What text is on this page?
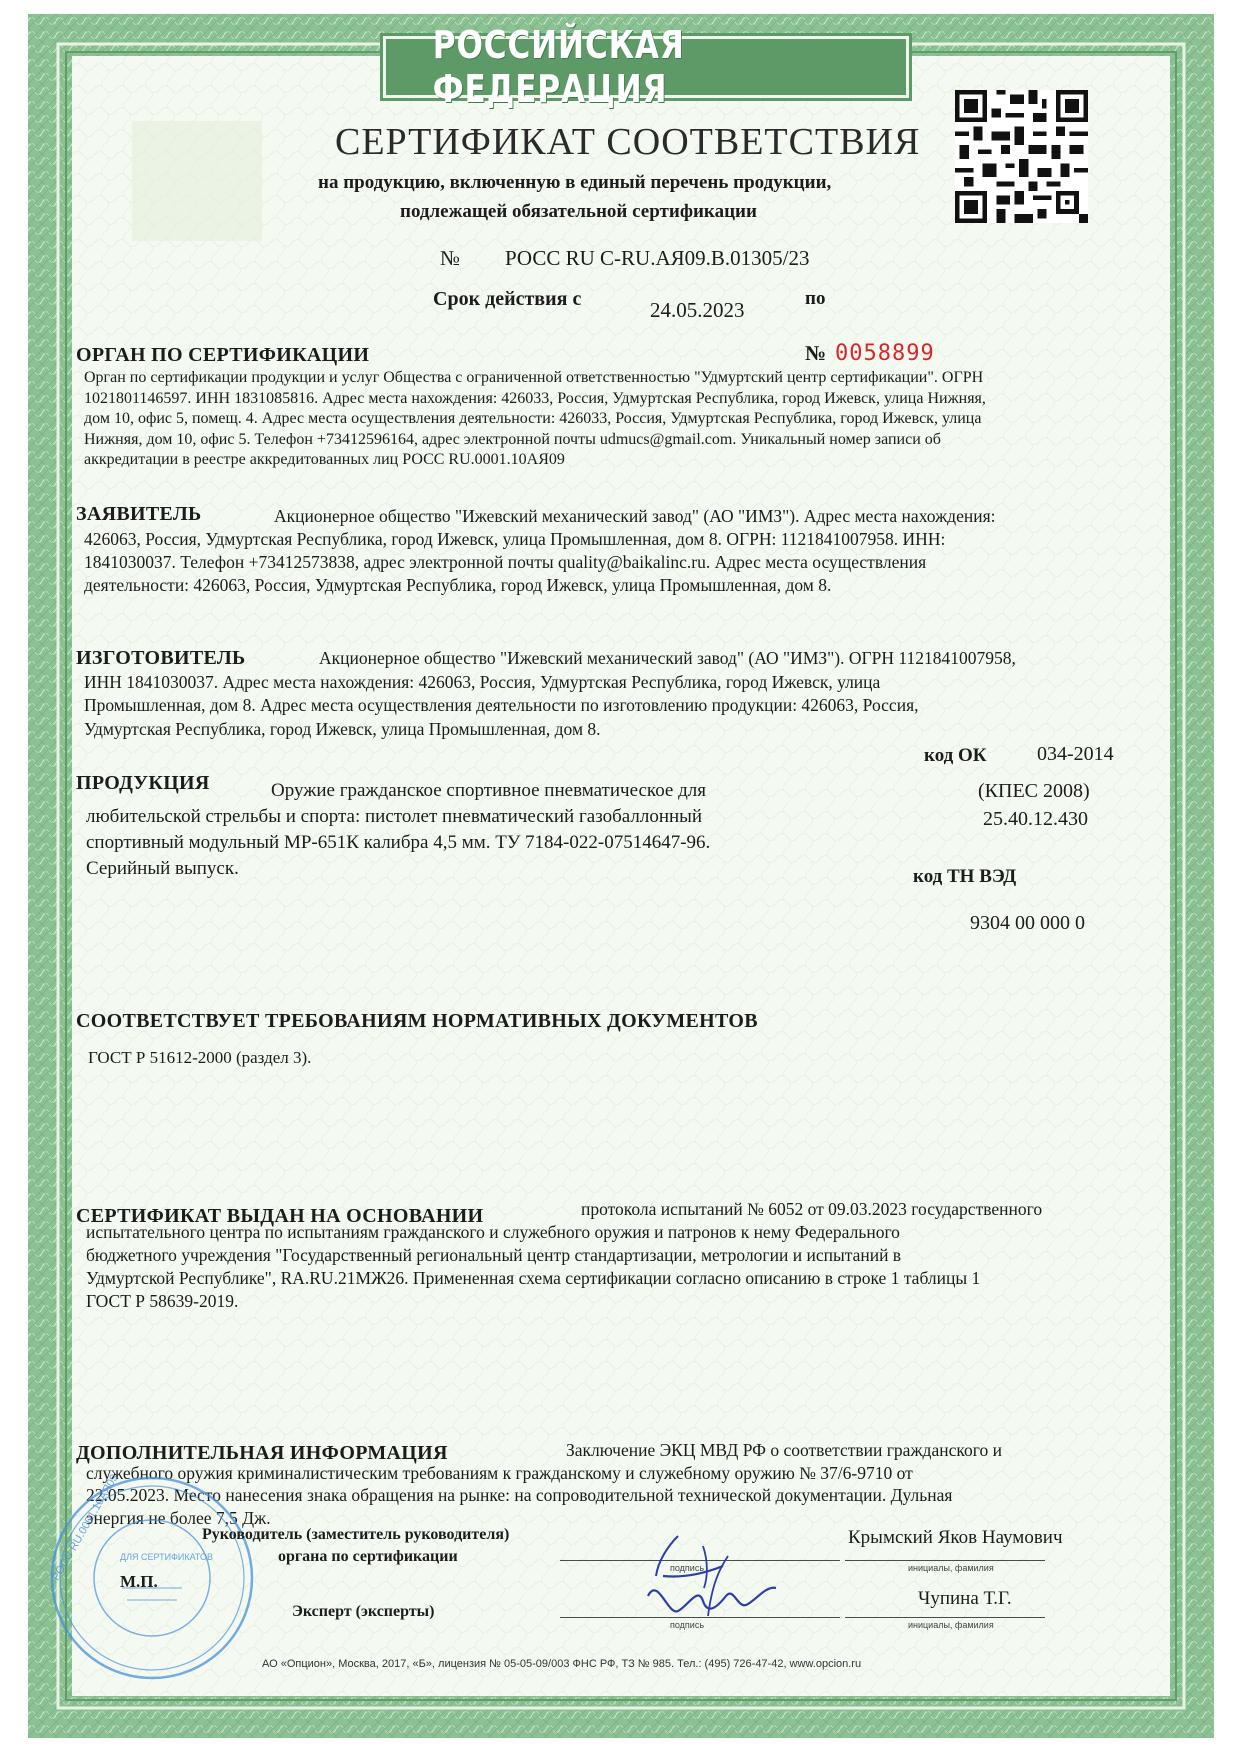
РОССИЙСКАЯ ФЕДЕРАЦИЯ
СЕРТИФИКАТ СООТВЕТСТВИЯ
на продукцию, включенную в единый перечень продукции,
подлежащей обязательной сертификации
№ РОСС RU C-RU.АЯ09.В.01305/23
Срок действия с	24.05.2023	по
ОРГАН ПО СЕРТИФИКАЦИИ	№ 0058899
Орган по сертификации продукции и услуг Общества с ограниченной ответственностью "Удмуртский центр сертификации". ОГРН
1021801146597. ИНН 1831085816. Адрес места нахождения: 426033, Россия, Удмуртская Республика, город Ижевск, улица Нижняя,
дом 10, офис 5, помещ. 4. Адрес места осуществления деятельности: 426033, Россия, Удмуртская Республика, город Ижевск, улица
Нижняя, дом 10, офис 5. Телефон +73412596164, адрес электронной почты udmucs@gmail.com. Уникальный номер записи об
аккредитации в реестре аккредитованных лиц РОСС RU.0001.10АЯ09
ЗАЯВИТЕЛЬ	Акционерное общество "Ижевский механический завод" (АО "ИМЗ"). Адрес места нахождения:
426063, Россия, Удмуртская Республика, город Ижевск, улица Промышленная, дом 8. ОГРН: 1121841007958. ИНН:
1841030037. Телефон +73412573838, адрес электронной почты quality@baikalinc.ru. Адрес места осуществления
деятельности: 426063, Россия, Удмуртская Республика, город Ижевск, улица Промышленная, дом 8.
ИЗГОТОВИТЕЛЬ	Акционерное общество "Ижевский механический завод" (АО "ИМЗ"). ОГРН 1121841007958,
ИНН 1841030037. Адрес места нахождения: 426063, Россия, Удмуртская Республика, город Ижевск, улица
Промышленная, дом 8. Адрес места осуществления деятельности по изготовлению продукции: 426063, Россия,
Удмуртская Республика, город Ижевск, улица Промышленная, дом 8.
ПРОДУКЦИЯ	Оружие гражданское спортивное пневматическое для
любительской стрельбы и спорта: пистолет пневматический газобаллонный
спортивный модульный МР-651К калибра 4,5 мм. ТУ 7184-022-07514647-96.
Серийный выпуск.
код ОК	034-2014
(КПЕС 2008)
25.40.12.430
код ТН ВЭД
9304 00 000 0
СООТВЕТСТВУЕТ ТРЕБОВАНИЯМ НОРМАТИВНЫХ ДОКУМЕНТОВ
ГОСТ Р 51612-2000 (раздел 3).
СЕРТИФИКАТ ВЫДАН НА ОСНОВАНИИ	протокола испытаний № 6052 от 09.03.2023 государственного
испытательного центра по испытаниям гражданского и служебного оружия и патронов к нему Федерального
бюджетного учреждения "Государственный региональный центр стандартизации, метрологии и испытаний в
Удмуртской Республике", RA.RU.21МЖ26. Примененная схема сертификации согласно описанию в строке 1 таблицы 1
ГОСТ Р 58639-2019.
ДОПОЛНИТЕЛЬНАЯ ИНФОРМАЦИЯ	Заключение ЭКЦ МВД РФ о соответствии гражданского и
служебного оружия криминалистическим требованиям к гражданскому и служебному оружию № 37/6-9710 от
22.05.2023. Место нанесения знака обращения на рынке: на сопроводительной технической документации. Дульная
энергия не более 7,5 Дж.
РОСС RU.0001.10АЯ09 ДЛЯ СЕРТИФИКАТОВ
Руководитель (заместитель руководителя)
органа по сертификации
М.П.
Эксперт (эксперты)
подпись	инициалы, фамилия
Крымский Яков Наумович
подпись	инициалы, фамилия
Чупина Т.Г.
АО «Опцион», Москва, 2017, «Б», лицензия № 05-05-09/003 ФНС РФ, ТЗ № 985. Тел.: (495) 726-47-42, www.opcion.ru
